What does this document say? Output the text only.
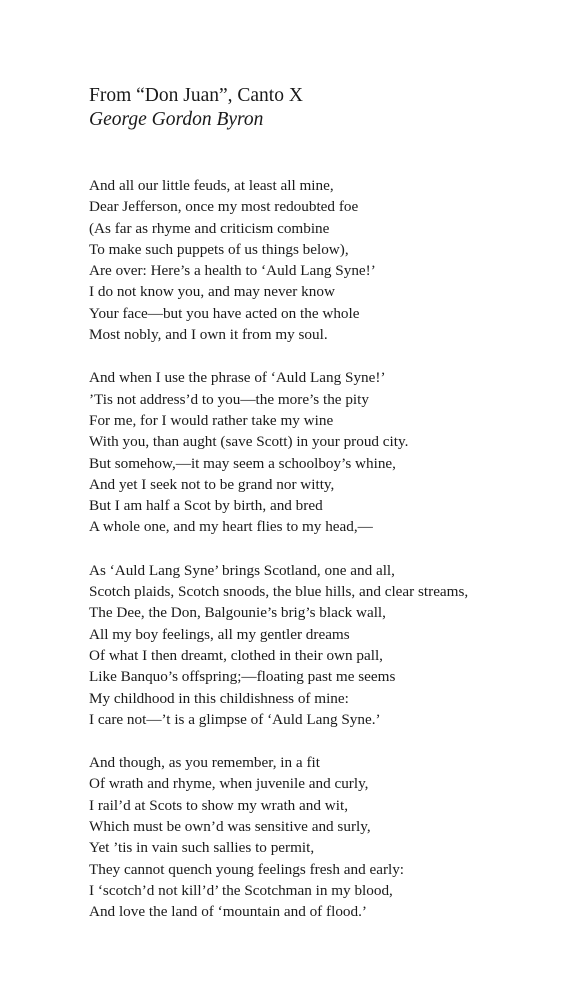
From “Don Juan”, Canto X
George Gordon Byron
And all our little feuds, at least all mine,
Dear Jefferson, once my most redoubted foe
(As far as rhyme and criticism combine
To make such puppets of us things below),
Are over: Here’s a health to ‘Auld Lang Syne!’
I do not know you, and may never know
Your face—but you have acted on the whole
Most nobly, and I own it from my soul.
And when I use the phrase of ‘Auld Lang Syne!’
’Tis not address’d to you—the more’s the pity
For me, for I would rather take my wine
With you, than aught (save Scott) in your proud city.
But somehow,—it may seem a schoolboy’s whine,
And yet I seek not to be grand nor witty,
But I am half a Scot by birth, and bred
A whole one, and my heart flies to my head,—
As ‘Auld Lang Syne’ brings Scotland, one and all,
Scotch plaids, Scotch snoods, the blue hills, and clear streams,
The Dee, the Don, Balgounie’s brig’s black wall,
All my boy feelings, all my gentler dreams
Of what I then dreamt, clothed in their own pall,
Like Banquo’s offspring;—floating past me seems
My childhood in this childishness of mine:
I care not—’t is a glimpse of ‘Auld Lang Syne.’
And though, as you remember, in a fit
Of wrath and rhyme, when juvenile and curly,
I rail’d at Scots to show my wrath and wit,
Which must be own’d was sensitive and surly,
Yet ’tis in vain such sallies to permit,
They cannot quench young feelings fresh and early:
I ‘scotch’d not kill’d’ the Scotchman in my blood,
And love the land of ‘mountain and of flood.’
